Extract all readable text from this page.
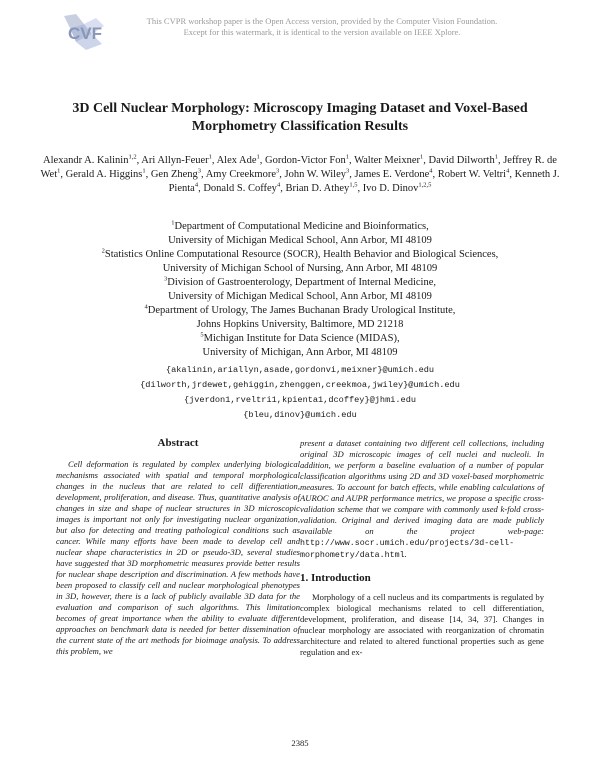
CVF
This CVPR workshop paper is the Open Access version, provided by the Computer Vision Foundation.
Except for this watermark, it is identical to the version available on IEEE Xplore.
3D Cell Nuclear Morphology: Microscopy Imaging Dataset and Voxel-Based
Morphometry Classification Results
Alexandr A. Kalinin$^{1,2}$, Ari Allyn-Feuer$^1$, Alex Ade$^1$, Gordon-Victor Fon$^1$, Walter Meixner$^1$, David Dilworth$^1$, Jeffrey R. de Wet$^1$, Gerald A. Higgins$^1$, Gen Zheng$^3$, Amy Creekmore$^3$, John W. Wiley$^3$, James E. Verdone$^4$, Robert W. Veltri$^4$, Kenneth J. Pienta$^4$, Donald S. Coffey$^4$, Brian D. Athey$^{1,5}$, Ivo D. Dinov$^{1,2,5}$
$^1$Department of Computational Medicine and Bioinformatics,
University of Michigan Medical School, Ann Arbor, MI 48109
$^2$Statistics Online Computational Resource (SOCR), Health Behavior and Biological Sciences,
University of Michigan School of Nursing, Ann Arbor, MI 48109
$^3$Division of Gastroenterology, Department of Internal Medicine,
University of Michigan Medical School, Ann Arbor, MI 48109
$^4$Department of Urology, The James Buchanan Brady Urological Institute,
Johns Hopkins University, Baltimore, MD 21218
$^5$Michigan Institute for Data Science (MIDAS),
University of Michigan, Ann Arbor, MI 48109
{akalinin,ariallyn,asade,gordonvi,meixner}@umich.edu
{dilworth,jrdewet,gehiggin,zhenggen,creekmoa,jwiley}@umich.edu
{jverdon1,rveltri1,kpienta1,dcoffey}@jhmi.edu
{bleu,dinov}@umich.edu
Abstract

Cell deformation is regulated by complex underlying biological mechanisms associated with spatial and temporal morphological changes in the nucleus that are related to cell differentiation, development, proliferation, and disease. Thus, quantitative analysis of changes in size and shape of nuclear structures in 3D microscopic images is important not only for investigating nuclear organization, but also for detecting and treating pathological conditions such as cancer. While many efforts have been made to develop cell and nuclear shape characteristics in 2D or pseudo-3D, several studies have suggested that 3D morphometric measures provide better results for nuclear shape description and discrimination. A few methods have been proposed to classify cell and nuclear morphological phenotypes in 3D, however, there is a lack of publicly available 3D data for the evaluation and comparison of such algorithms. This limitation becomes of great importance when the ability to evaluate different approaches on benchmark data is needed for better dissemination of the current state of the art methods for bioimage analysis. To address this problem, we

present a dataset containing two different cell collections, including original 3D microscopic images of cell nuclei and nucleoli. In addition, we perform a baseline evaluation of a number of popular classification algorithms using 2D and 3D voxel-based morphometric measures. To account for batch effects, while enabling calculations of AUROC and AUPR performance metrics, we propose a specific cross-validation scheme that we compare with commonly used k-fold cross-validation. Original and derived imaging data are made publicly available on the project web-page: http://www.socr.umich.edu/projects/3d-cell-morphometry/data.html.

1. Introduction

Morphology of a cell nucleus and its compartments is regulated by complex biological mechanisms related to cell differentiation, development, proliferation, and disease [14, 34, 37]. Changes in nuclear morphology are associated with reorganization of chromatin architecture and related to altered functional properties such as gene regulation and ex-

2385
